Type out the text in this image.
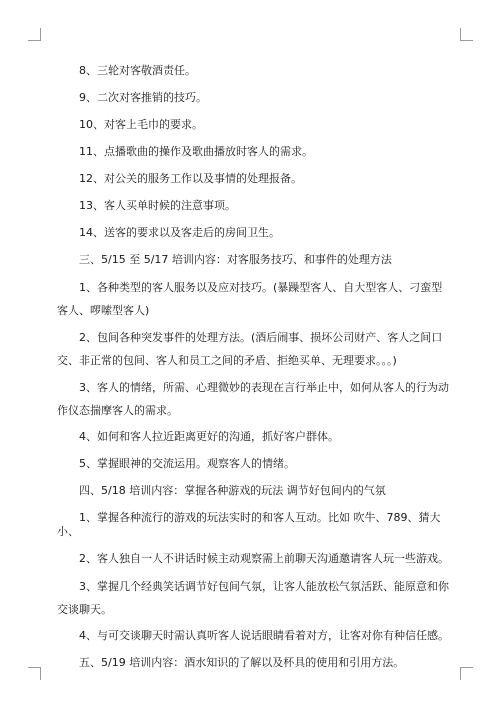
8、三轮对客敬酒责任。

9、二次对客推销的技巧。

10、对客上毛巾的要求。

11、点播歌曲的操作及歌曲播放时客人的需求。

12、对公关的服务工作以及事情的处理报备。

13、客人买单时候的注意事项。

14、送客的要求以及客走后的房间卫生。

三、5/15 至 5/17 培训内容：对客服务技巧、和事件的处理方法

1、各种类型的客人服务以及应对技巧。(暴躁型客人、自大型客人、刁蛮型客人、啰嗦型客人)

2、包间各种突发事件的处理方法。(酒后闹事、损坏公司财产、客人之间口交、非正常的包间、客人和员工之间的矛盾、拒绝买单、无理要求。。。)

3、客人的情绪，所需、心理微妙的表现在言行举止中，如何从客人的行为动作仪态揣摩客人的需求。

4、如何和客人拉近距离更好的沟通，抓好客户群体。

5、掌握眼神的交流运用。观察客人的情绪。

四、5/18 培训内容：掌握各种游戏的玩法 调节好包间内的气氛

1、掌握各种流行的游戏的玩法实时的和客人互动。比如 吹牛、789、猜大小、

2、客人独自一人不讲话时候主动观察需上前聊天沟通邀请客人玩一些游戏。

3、掌握几个经典笑话调节好包间气氛，让客人能放松气氛活跃、能原意和你交谈聊天。

4、与可交谈聊天时需认真听客人说话眼睛看着对方，让客对你有种信任感。

五、5/19 培训内容：酒水知识的了解以及杯具的使用和引用方法。
